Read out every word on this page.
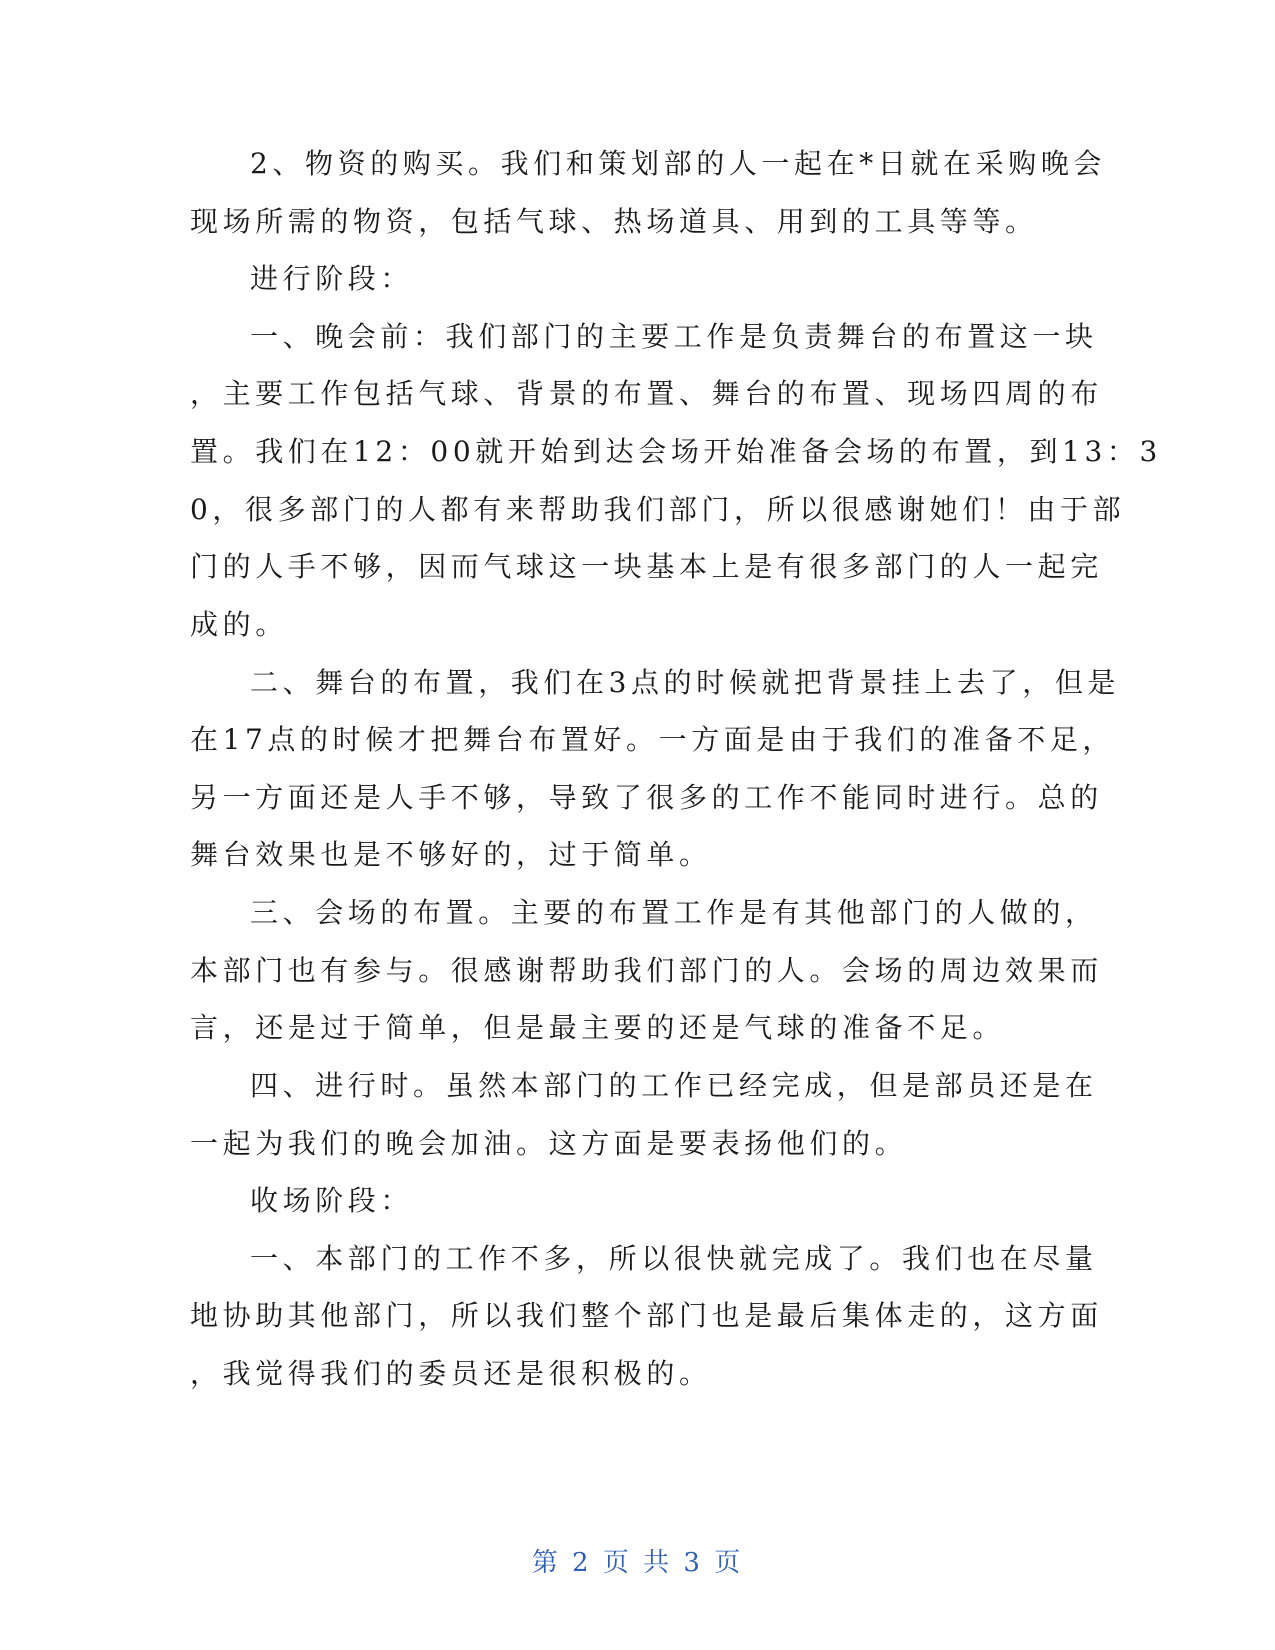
2、物资的购买。我们和策划部的人一起在*日就在采购晚会

现场所需的物资，包括气球、热场道具、用到的工具等等。

进行阶段：

一、晚会前：我们部门的主要工作是负责舞台的布置这一块

，主要工作包括气球、背景的布置、舞台的布置、现场四周的布

置。我们在12：00就开始到达会场开始准备会场的布置，到13：3

0，很多部门的人都有来帮助我们部门，所以很感谢她们！由于部

门的人手不够，因而气球这一块基本上是有很多部门的人一起完

成的。

二、舞台的布置，我们在3点的时候就把背景挂上去了，但是

在17点的时候才把舞台布置好。一方面是由于我们的准备不足，

另一方面还是人手不够，导致了很多的工作不能同时进行。总的

舞台效果也是不够好的，过于简单。

三、会场的布置。主要的布置工作是有其他部门的人做的，

本部门也有参与。很感谢帮助我们部门的人。会场的周边效果而

言，还是过于简单，但是最主要的还是气球的准备不足。

四、进行时。虽然本部门的工作已经完成，但是部员还是在

一起为我们的晚会加油。这方面是要表扬他们的。

收场阶段：

一、本部门的工作不多，所以很快就完成了。我们也在尽量

地协助其他部门，所以我们整个部门也是最后集体走的，这方面

，我觉得我们的委员还是很积极的。

第 2 页 共 3 页
